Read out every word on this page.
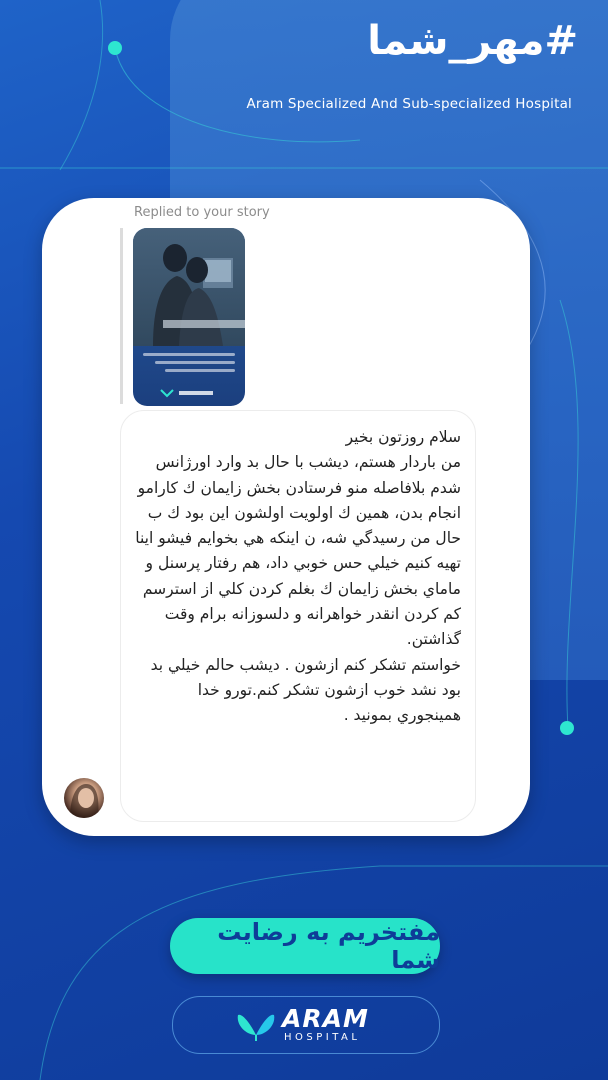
#مهر_شما
Aram Specialized And Sub-specialized Hospital
Replied to your story

سلام روزتون بخير

من باردار هستم، ديشب با حال بد وارد اورژانس شدم بلافاصله منو فرستادن بخش زايمان ك كارامو انجام بدن، همين ك اولويت اولشون اين بود ك ب حال من رسيدگي شه، ن اينكه هي بخوايم فيشو اينا تهيه كنيم خيلي حس خوبي داد، هم رفتار پرسنل و ماماي بخش زايمان ك بغلم كردن كلي از استرسم كم كردن انقدر خواهرانه و دلسوزانه برام وقت گذاشتن.

خواستم تشكر كنم ازشون . ديشب حالم خيلي بد بود نشد خوب ازشون تشكر كنم.تورو خدا همينجوري بمونيد .

مفتخریم به رضایت شما
ARAM
HOSPITAL
